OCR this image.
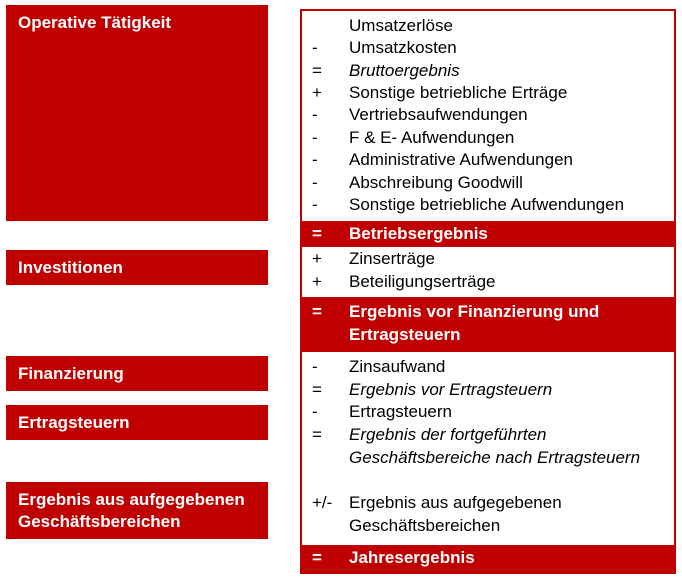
Operative Tätigkeit
Investitionen
Finanzierung
Ertragsteuern
Ergebnis aus aufgegebenen Geschäftsbereichen
Umsatzerlöse
- Umsatzkosten
= Bruttoergebnis
+ Sonstige betriebliche Erträge
- Vertriebsaufwendungen
- F & E- Aufwendungen
- Administrative Aufwendungen
- Abschreibung Goodwill
- Sonstige betriebliche Aufwendungen
= Betriebsergebnis
+ Zinserträge
+ Beteiligungserträge
= Ergebnis vor Finanzierung und Ertragsteuern
- Zinsaufwand
= Ergebnis vor Ertragsteuern
- Ertragsteuern
= Ergebnis der fortgeführten Geschäftsbereiche nach Ertragsteuern
+/- Ergebnis aus aufgegebenen Geschäftsbereichen
= Jahresergebnis
